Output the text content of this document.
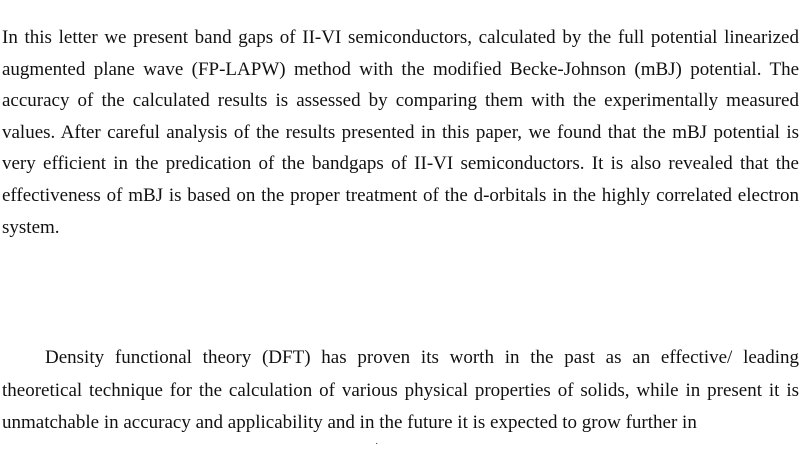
In this letter we present band gaps of II-VI semiconductors, calculated by the full potential linearized augmented plane wave (FP-LAPW) method with the modified Becke-Johnson (mBJ) potential. The accuracy of the calculated results is assessed by comparing them with the experimentally measured values. After careful analysis of the results presented in this paper, we found that the mBJ potential is very efficient in the predication of the bandgaps of II-VI semiconductors. It is also revealed that the effectiveness of mBJ is based on the proper treatment of the d-orbitals in the highly correlated electron system.

Density functional theory (DFT) has proven its worth in the past as an effective/ leading theoretical technique for the calculation of various physical properties of solids, while in present it is unmatchable in accuracy and applicability and in the future it is expected to grow further in

˙
